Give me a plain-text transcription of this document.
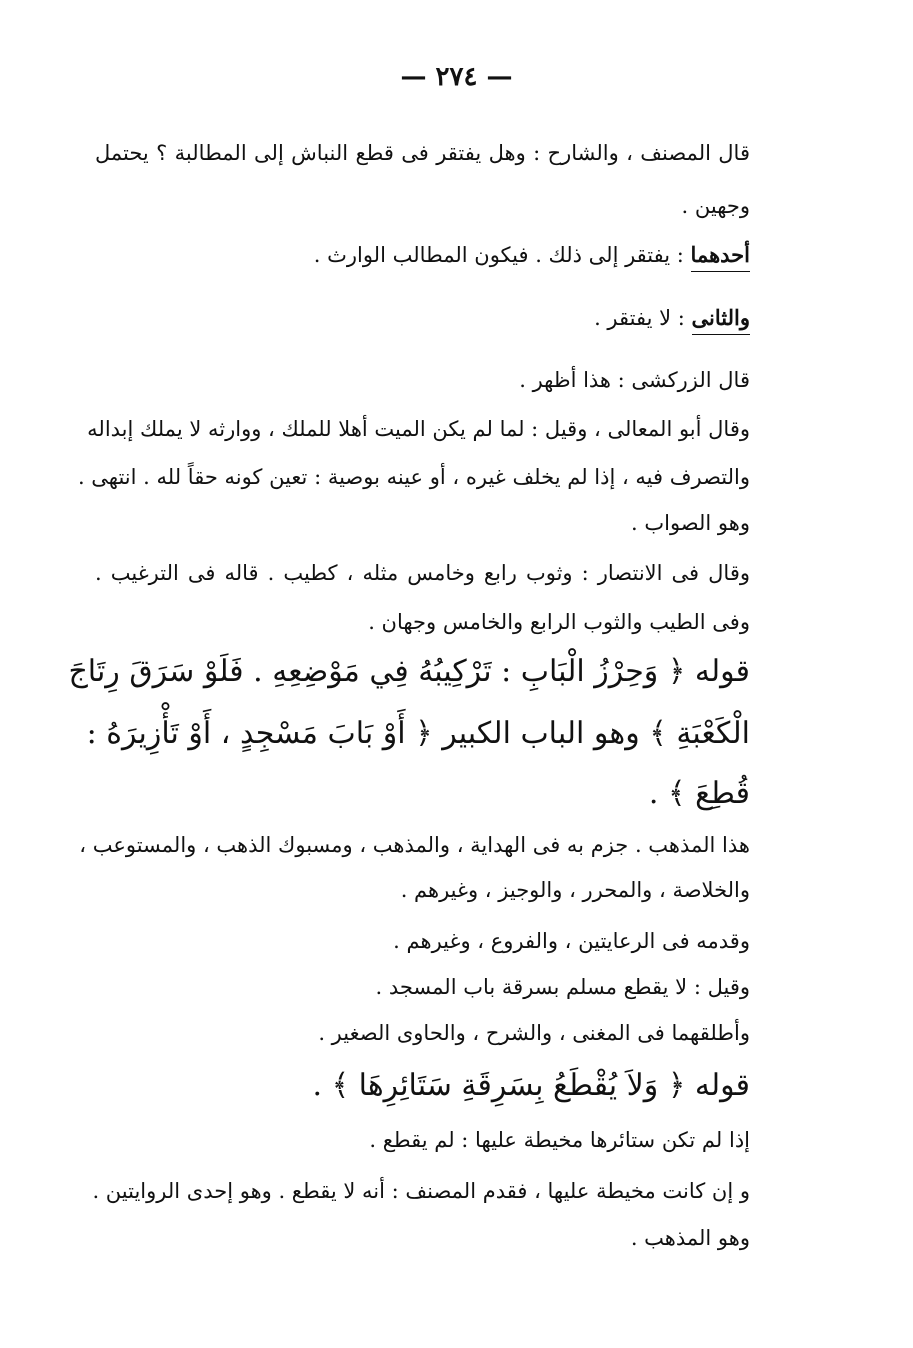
— ٢٧٤ —
قال المصنف ، والشارح : وهل يفتقر فى قطع النباش إلى المطالبة ؟ يحتمل
وجهين .
أحدهما : يفتقر إلى ذلك . فيكون المطالب الوارث .
والثانى : لا يفتقر .
قال الزركشى : هذا أظهر .
وقال أبو المعالى ، وقيل : لما لم يكن الميت أهلا للملك ، ووارثه لا يملك إبداله
والتصرف فيه ، إذا لم يخلف غيره ، أو عينه بوصية : تعين كونه حقاً لله . انتهى .
وهو الصواب .
وقال فى الانتصار : وثوب رابع وخامس مثله ، كطيب . قاله فى الترغيب .
وفى الطيب والثوب الرابع والخامس وجهان .
قوله ﴿ وَحِرْزُ الْبَابِ : تَرْكِيبُهُ فِي مَوْضِعِهِ . فَلَوْ سَرَقَ رِتَاجَ
الْكَعْبَةِ ﴾ وهو الباب الكبير ﴿ أَوْ بَابَ مَسْجِدٍ ، أَوْ تَأْزِيرَهُ :
قُطِعَ ﴾ .
هذا المذهب . جزم به فى الهداية ، والمذهب ، ومسبوك الذهب ، والمستوعب ،
والخلاصة ، والمحرر ، والوجيز ، وغيرهم .
وقدمه فى الرعايتين ، والفروع ، وغيرهم .
وقيل : لا يقطع مسلم بسرقة باب المسجد .
وأطلقهما فى المغنى ، والشرح ، والحاوى الصغير .
قوله ﴿ وَلاَ يُقْطَعُ بِسَرِقَةِ سَتَائِرِهَا ﴾ .
إذا لم تكن ستائرها مخيطة عليها : لم يقطع .
و إن كانت مخيطة عليها ، فقدم المصنف : أنه لا يقطع . وهو إحدى الروايتين .
وهو المذهب .
